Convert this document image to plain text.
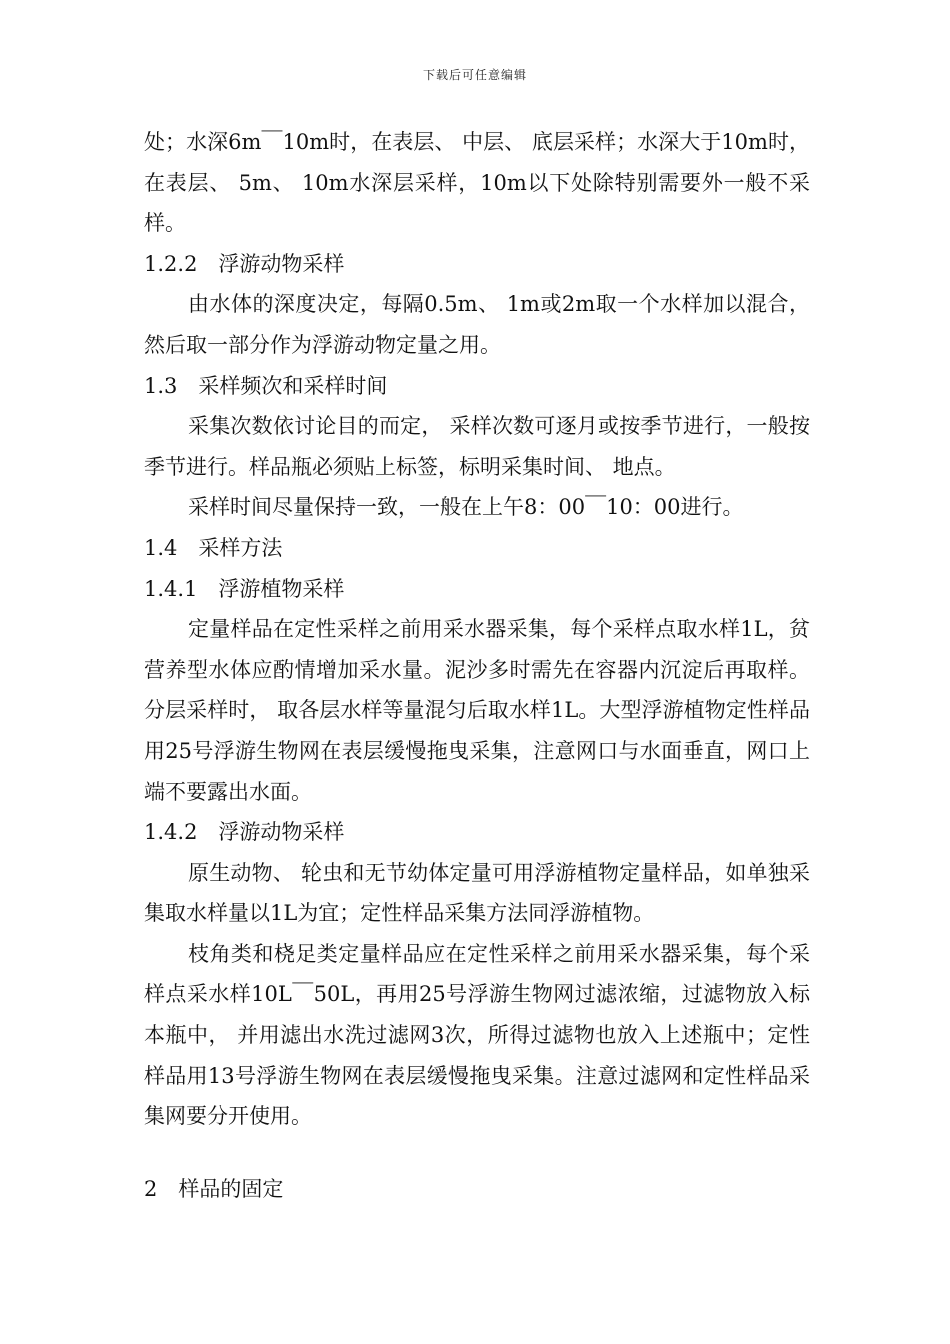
下载后可任意编辑

处；水深6m￣10m时，在表层、 中层、 底层采样；水深大于10m时，在表层、 5m、 10m水深层采样，10m以下处除特别需要外一般不采样。

1.2.2　浮游动物采样

由水体的深度决定，每隔0.5m、 1m或2m取一个水样加以混合，然后取一部分作为浮游动物定量之用。

1.3　采样频次和采样时间

采集次数依讨论目的而定， 采样次数可逐月或按季节进行，一般按季节进行。样品瓶必须贴上标签，标明采集时间、 地点。

采样时间尽量保持一致，一般在上午8：00￣10：00进行。

1.4　采样方法

1.4.1　浮游植物采样

定量样品在定性采样之前用采水器采集，每个采样点取水样1L，贫营养型水体应酌情增加采水量。泥沙多时需先在容器内沉淀后再取样。分层采样时， 取各层水样等量混匀后取水样1L。大型浮游植物定性样品用25号浮游生物网在表层缓慢拖曳采集，注意网口与水面垂直，网口上端不要露出水面。

1.4.2　浮游动物采样

原生动物、 轮虫和无节幼体定量可用浮游植物定量样品，如单独采集取水样量以1L为宜；定性样品采集方法同浮游植物。

枝角类和桡足类定量样品应在定性采样之前用采水器采集，每个采样点采水样10L￣50L，再用25号浮游生物网过滤浓缩，过滤物放入标本瓶中， 并用滤出水洗过滤网3次，所得过滤物也放入上述瓶中；定性样品用13号浮游生物网在表层缓慢拖曳采集。注意过滤网和定性样品采集网要分开使用。

2　样品的固定
